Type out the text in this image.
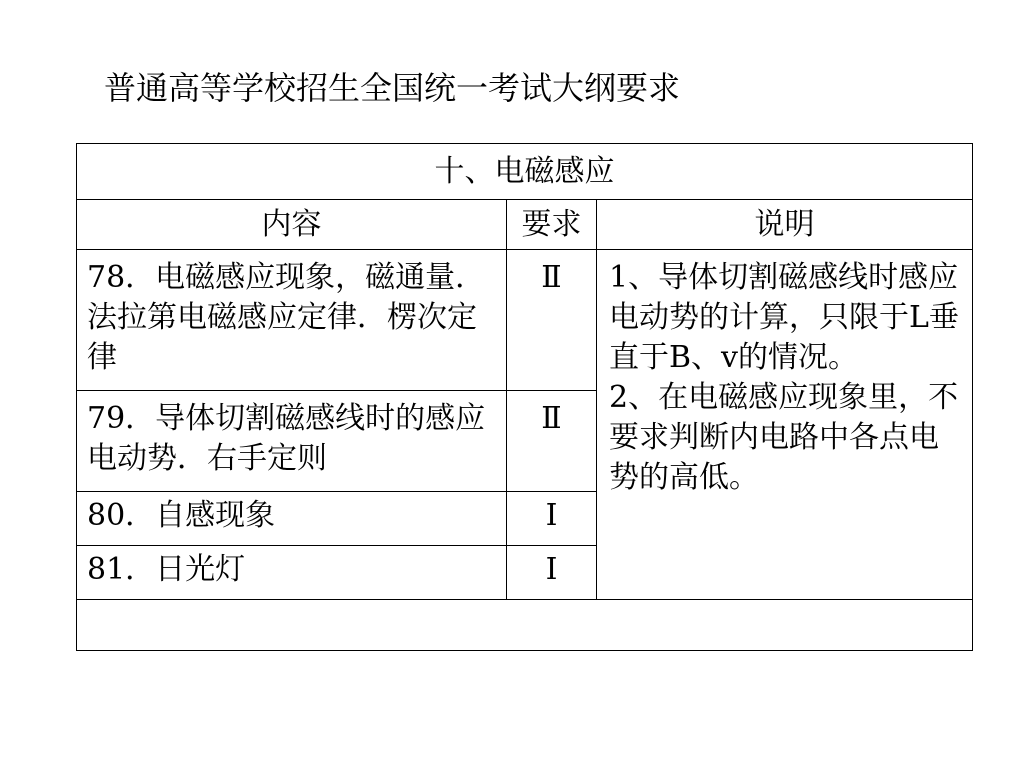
普通高等学校招生全国统一考试大纲要求
十、电磁感应		
内容	要求	说明
78．电磁感应现象，磁通量．法拉第电磁感应定律．楞次定律	Ⅱ	1、导体切割磁感线时感应电动势的计算，只限于L垂直于B、v的情况。
2、在电磁感应现象里，不要求判断内电路中各点电势的高低。

79．导体切割磁感线时的感应电动势．右手定则	Ⅱ	
80．自感现象	Ⅰ	
81．日光灯	Ⅰ	
